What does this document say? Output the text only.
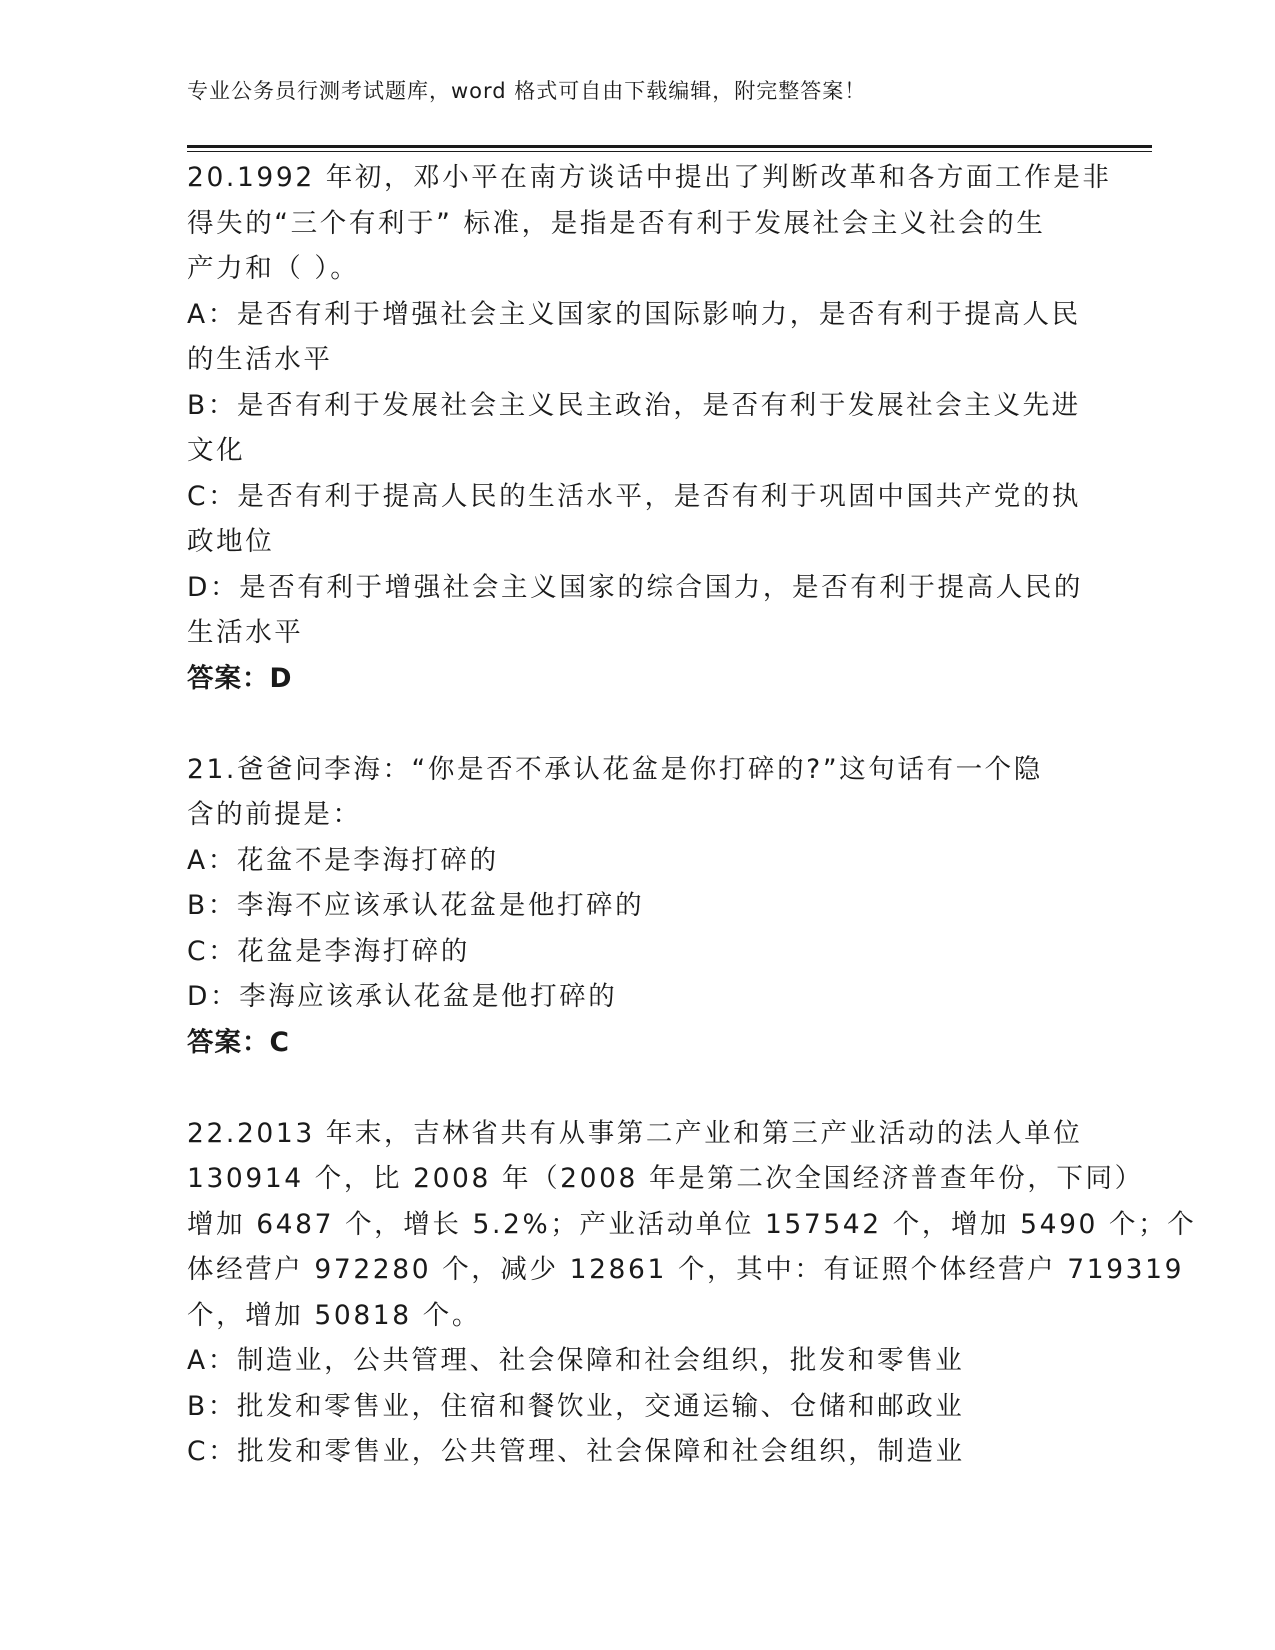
专业公务员行测考试题库，word 格式可自由下载编辑，附完整答案！
20.1992 年初，邓小平在南方谈话中提出了判断改革和各方面工作是非
得失的“三个有利于” 标准，是指是否有利于发展社会主义社会的生
产力和（ ）。
A：是否有利于增强社会主义国家的国际影响力，是否有利于提高人民
的生活水平
B：是否有利于发展社会主义民主政治，是否有利于发展社会主义先进
文化
C：是否有利于提高人民的生活水平，是否有利于巩固中国共产党的执
政地位
D：是否有利于增强社会主义国家的综合国力，是否有利于提高人民的
生活水平
答案：D
21.爸爸问李海：“你是否不承认花盆是你打碎的?”这句话有一个隐
含的前提是：
A：花盆不是李海打碎的
B：李海不应该承认花盆是他打碎的
C：花盆是李海打碎的
D：李海应该承认花盆是他打碎的
答案：C
22.2013 年末，吉林省共有从事第二产业和第三产业活动的法人单位
130914 个，比 2008 年（2008 年是第二次全国经济普查年份，下同）
增加 6487 个，增长 5.2%；产业活动单位 157542 个，增加 5490 个；个
体经营户 972280 个，减少 12861 个，其中：有证照个体经营户 719319
个，增加 50818 个。
A：制造业，公共管理、社会保障和社会组织，批发和零售业
B：批发和零售业，住宿和餐饮业，交通运输、仓储和邮政业
C：批发和零售业，公共管理、社会保障和社会组织，制造业
